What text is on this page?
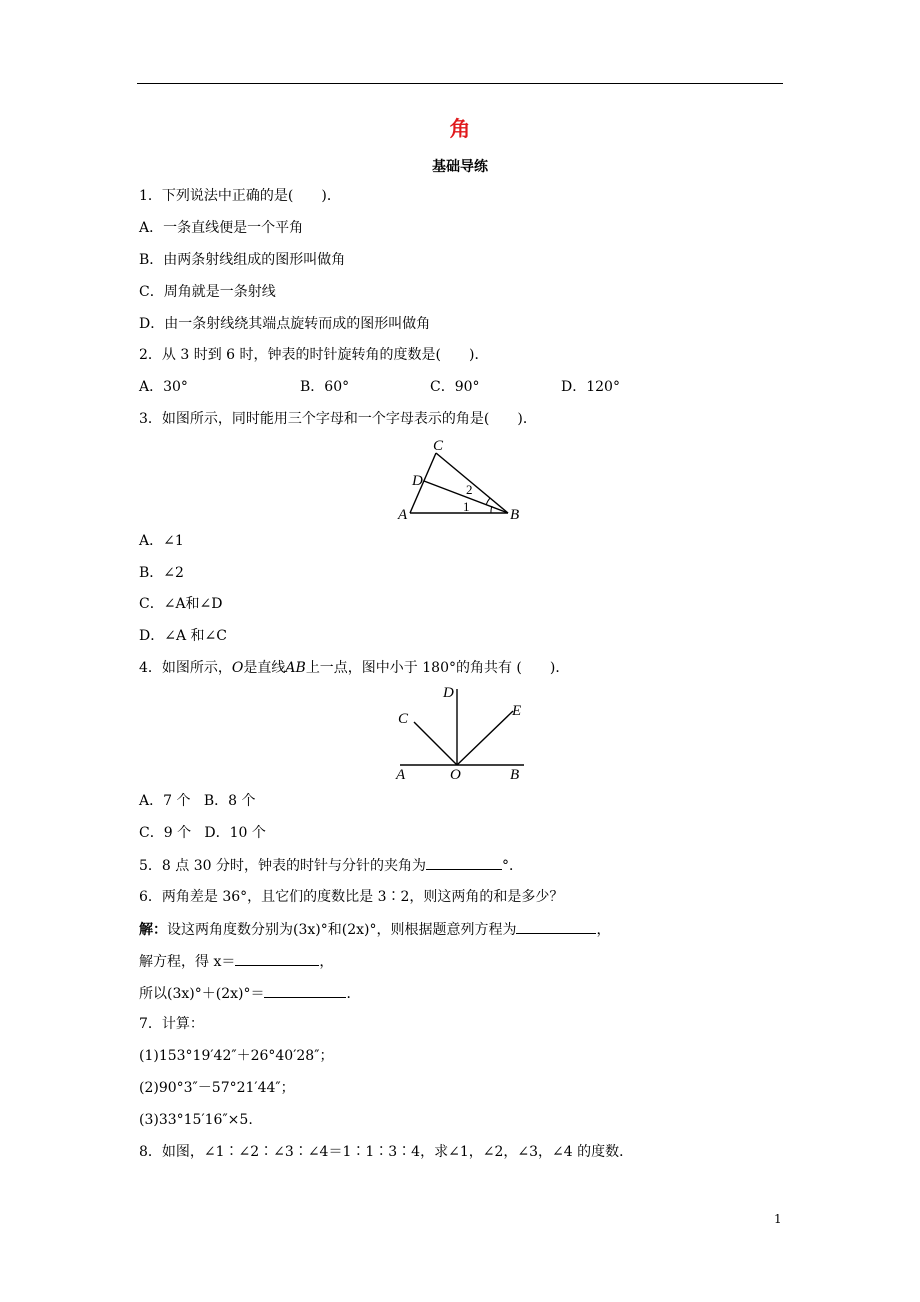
角
基础导练
1．下列说法中正确的是(　　)．
A．一条直线便是一个平角
B．由两条射线组成的图形叫做角
C．周角就是一条射线
D．由一条射线绕其端点旋转而成的图形叫做角
2．从 3 时到 6 时，钟表的时针旋转角的度数是(　　)．
A．30°	B．60°	C．90°	D．120°
3．如图所示，同时能用三个字母和一个字母表示的角是(　　)．
C
D
A	B
1
2
A．∠1
B．∠2
C．∠A和∠D
D．∠A 和∠C
4．如图所示，O是直线AB上一点，图中小于 180°的角共有 (　　)．
D
C	E
A	O	B
A．7 个   B．8 个
C．9 个   D．10 个
5．8 点 30 分时，钟表的时针与分针的夹角为	°．
6．两角差是 36°，且它们的度数比是 3∶2，则这两角的和是多少？
解：设这两角度数分别为(3x)°和(2x)°，则根据题意列方程为	，
解方程，得 x＝	，
所以(3x)°＋(2x)°＝	．
7．计算：
(1)153°19′42″＋26°40′28″；
(2)90°3″－57°21′44″；
(3)33°15′16″×5.
8．如图，∠1∶∠2∶∠3∶∠4＝1∶1∶3∶4，求∠1，∠2，∠3，∠4 的度数．
1
